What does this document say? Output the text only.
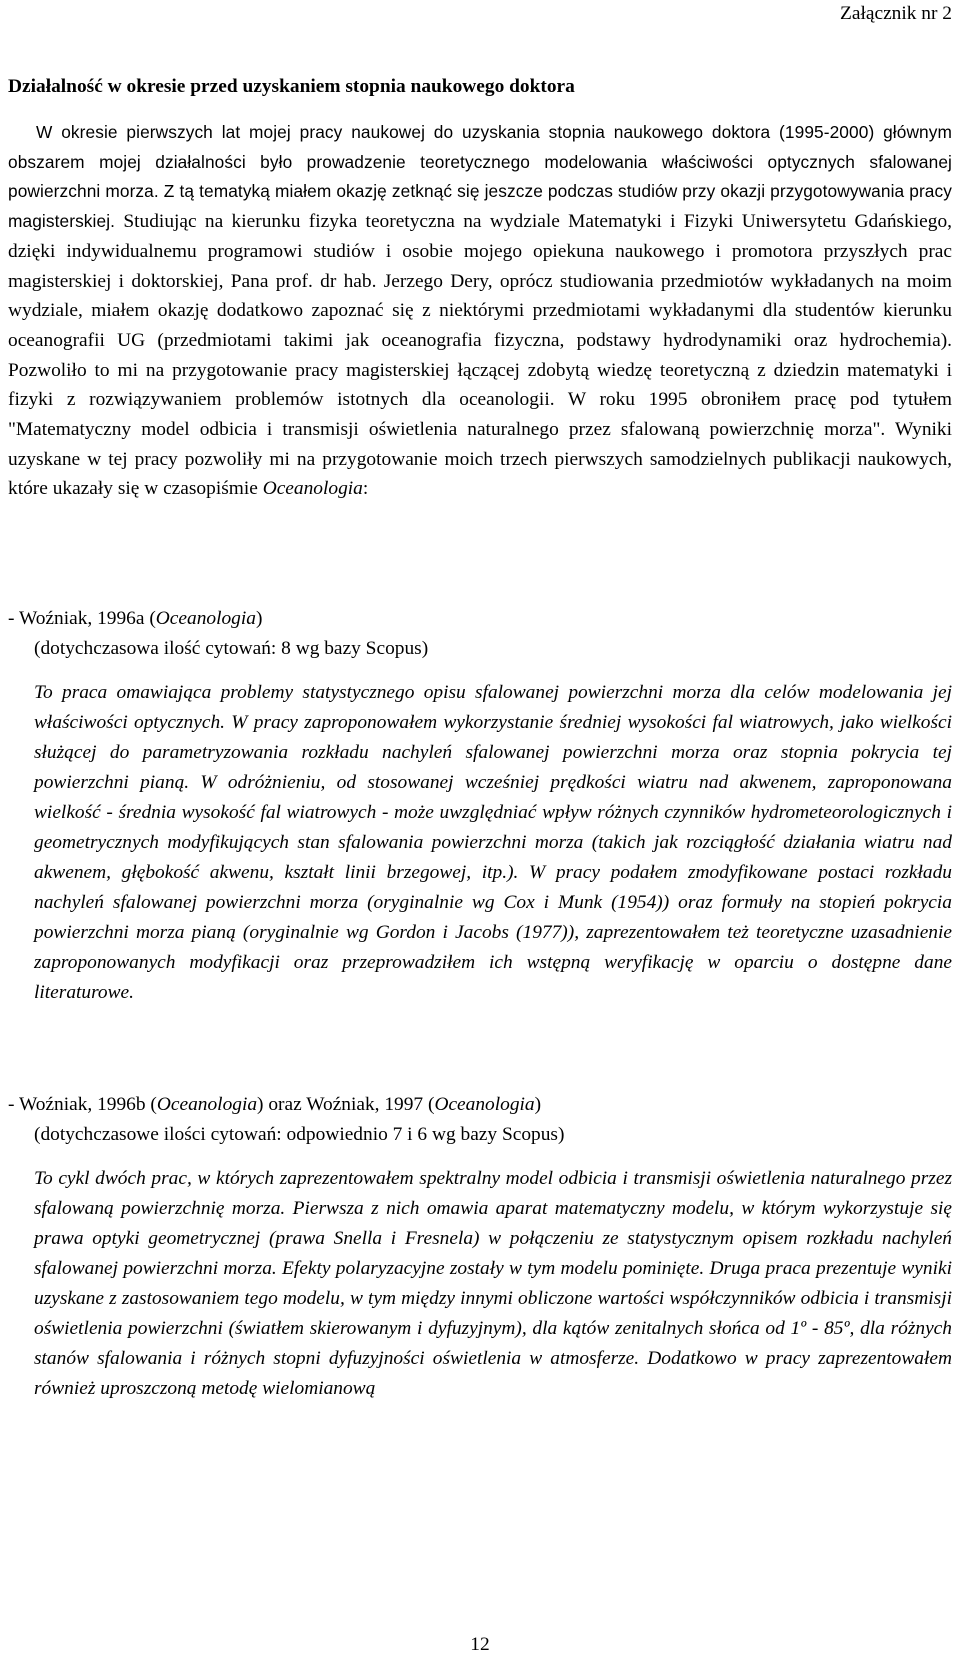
Załącznik nr 2
Działalność w okresie przed uzyskaniem stopnia naukowego doktora

W okresie pierwszych lat mojej pracy naukowej do uzyskania stopnia naukowego doktora (1995-2000) głównym obszarem mojej działalności było prowadzenie teoretycznego modelowania właściwości optycznych sfalowanej powierzchni morza. Z tą tematyką miałem okazję zetknąć się jeszcze podczas studiów przy okazji przygotowywania pracy magisterskiej. Studiując na kierunku fizyka teoretyczna na wydziale Matematyki i Fizyki Uniwersytetu Gdańskiego, dzięki indywidualnemu programowi studiów i osobie mojego opiekuna naukowego i promotora przyszłych prac magisterskiej i doktorskiej, Pana prof. dr hab. Jerzego Dery, oprócz studiowania przedmiotów wykładanych na moim wydziale, miałem okazję dodatkowo zapoznać się z niektórymi przedmiotami wykładanymi dla studentów kierunku oceanografii UG (przedmiotami takimi jak oceanografia fizyczna, podstawy hydrodynamiki oraz hydrochemia). Pozwoliło to mi na przygotowanie pracy magisterskiej łączącej zdobytą wiedzę teoretyczną z dziedzin matematyki i fizyki z rozwiązywaniem problemów istotnych dla oceanologii. W roku 1995 obroniłem pracę pod tytułem "Matematyczny model odbicia i transmisji oświetlenia naturalnego przez sfalowaną powierzchnię morza". Wyniki uzyskane w tej pracy pozwoliły mi na przygotowanie moich trzech pierwszych samodzielnych publikacji naukowych, które ukazały się w czasopiśmie Oceanologia:

- Woźniak, 1996a (Oceanologia)

(dotychczasowa ilość cytowań: 8 wg bazy Scopus)

To praca omawiająca problemy statystycznego opisu sfalowanej powierzchni morza dla celów modelowania jej właściwości optycznych. W pracy zaproponowałem wykorzystanie średniej wysokości fal wiatrowych, jako wielkości służącej do parametryzowania rozkładu nachyleń sfalowanej powierzchni morza oraz stopnia pokrycia tej powierzchni pianą. W odróżnieniu, od stosowanej wcześniej prędkości wiatru nad akwenem, zaproponowana wielkość - średnia wysokość fal wiatrowych - może uwzględniać wpływ różnych czynników hydrometeorologicznych i geometrycznych modyfikujących stan sfalowania powierzchni morza (takich jak rozciągłość działania wiatru nad akwenem, głębokość akwenu, kształt linii brzegowej, itp.). W pracy podałem zmodyfikowane postaci rozkładu nachyleń sfalowanej powierzchni morza (oryginalnie wg Cox i Munk (1954)) oraz formuły na stopień pokrycia powierzchni morza pianą (oryginalnie wg Gordon i Jacobs (1977)), zaprezentowałem też teoretyczne uzasadnienie zaproponowanych modyfikacji oraz przeprowadziłem ich wstępną weryfikację w oparciu o dostępne dane literaturowe.

- Woźniak, 1996b (Oceanologia) oraz Woźniak, 1997 (Oceanologia)

(dotychczasowe ilości cytowań: odpowiednio 7 i 6 wg bazy Scopus)

To cykl dwóch prac, w których zaprezentowałem spektralny model odbicia i transmisji oświetlenia naturalnego przez sfalowaną powierzchnię morza. Pierwsza z nich omawia aparat matematyczny modelu, w którym wykorzystuje się prawa optyki geometrycznej (prawa Snella i Fresnela) w połączeniu ze statystycznym opisem rozkładu nachyleń sfalowanej powierzchni morza. Efekty polaryzacyjne zostały w tym modelu pominięte. Druga praca prezentuje wyniki uzyskane z zastosowaniem tego modelu, w tym między innymi obliczone wartości współczynników odbicia i transmisji oświetlenia powierzchni (światłem skierowanym i dyfuzyjnym), dla kątów zenitalnych słońca od 1º - 85º, dla różnych stanów sfalowania i różnych stopni dyfuzyjności oświetlenia w atmosferze. Dodatkowo w pracy zaprezentowałem również uproszczoną metodę wielomianową

12
